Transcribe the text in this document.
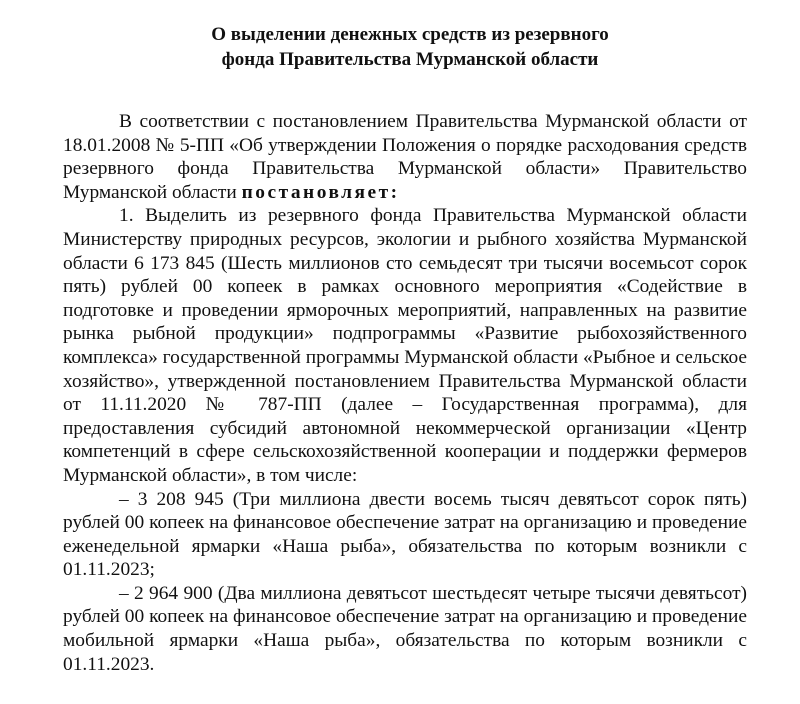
О выделении денежных средств из резервного
фонда Правительства Мурманской области

В соответствии с постановлением Правительства Мурманской области от 18.01.2008 № 5-ПП «Об утверждении Положения о порядке расходования средств резервного фонда Правительства Мурманской области» Правительство Мурманской области постановляет:

1. Выделить из резервного фонда Правительства Мурманской области Министерству природных ресурсов, экологии и рыбного хозяйства Мурманской области 6 173 845 (Шесть миллионов сто семьдесят три тысячи восемьсот сорок пять) рублей 00 копеек в рамках основного мероприятия «Содействие в подготовке и проведении ярморочных мероприятий, направленных на развитие рынка рыбной продукции» подпрограммы «Развитие рыбохозяйственного комплекса» государственной программы Мурманской области «Рыбное и сельское хозяйство», утвержденной постановлением Правительства Мурманской области от 11.11.2020 № 787-ПП (далее – Государственная программа), для предоставления субсидий автономной некоммерческой организации «Центр компетенций в сфере сельскохозяйственной кооперации и поддержки фермеров Мурманской области», в том числе:

– 3 208 945 (Три миллиона двести восемь тысяч девятьсот сорок пять) рублей 00 копеек на финансовое обеспечение затрат на организацию и проведение еженедельной ярмарки «Наша рыба», обязательства по которым возникли с 01.11.2023;

– 2 964 900 (Два миллиона девятьсот шестьдесят четыре тысячи девятьсот) рублей 00 копеек на финансовое обеспечение затрат на организацию и проведение мобильной ярмарки «Наша рыба», обязательства по которым возникли с 01.11.2023.
